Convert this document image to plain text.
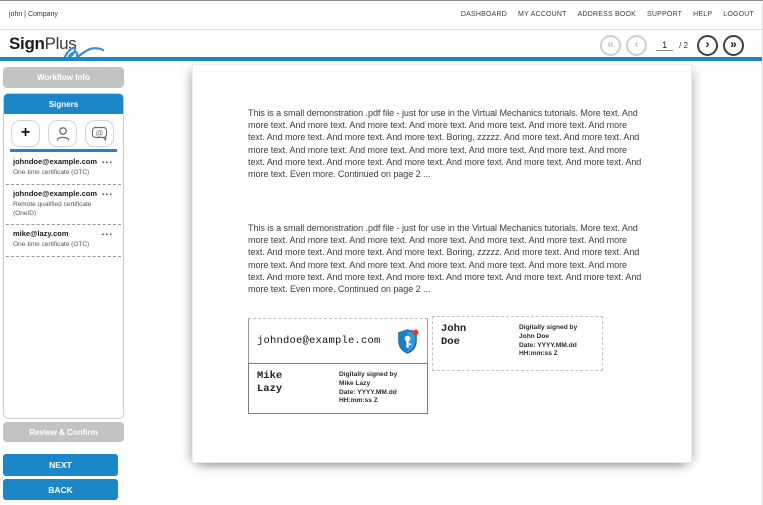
john | Company	DASHBOARD MY ACCOUNT ADDRESS BOOK SUPPORT HELP LOGOUT
SignPlus	« ‹
1	/ 2 › »
Workflow Info
Signers
+	@
johndoe@example.com
One-time certificate (OTC)
...
johndoe@example.com
Remote qualified certificate (OneID)
...
mike@lazy.com
One-time certificate (OTC)
...
Review & Confirm
NEXT
BACK
This is a small demonstration .pdf file - just for use in the Virtual Mechanics tutorials. More text. And more text. And more text. And more text. And more text. And more text. And more text. And more text. And more text. And more text. And more text. Boring, zzzzz. And more text. And more text. And more text. And more text. And more text. And more text. And more text. And more text. And more text. And more text. And more text. And more text. And more text. And more text. And more text. And more text. Even more. Continued on page 2 ...
This is a small demonstration .pdf file - just for use in the Virtual Mechanics tutorials. More text. And more text. And more text. And more text. And more text. And more text. And more text. And more text. And more text. And more text. And more text. Boring, zzzzz. And more text. And more text. And more text. And more text. And more text. And more text. And more text. And more text. And more text. And more text. And more text. And more text. And more text. And more text. And more text. And more text. Even more. Continued on page 2 ...
johndoe@example.com
John
Doe
Digitally signed by
John Doe
Date: YYYY.MM.dd
HH:mm:ss Z
Mike
Lazy
Digitally signed by
Mike Lazy
Date: YYYY.MM.dd
HH:mm:ss Z
